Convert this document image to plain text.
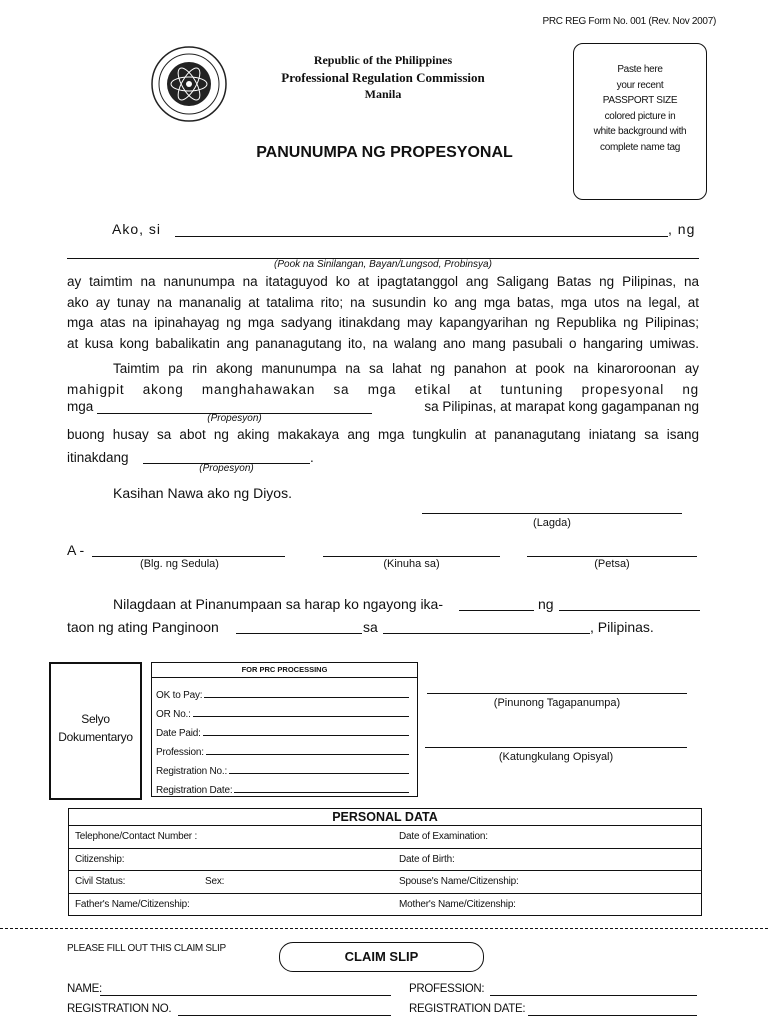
PRC REG Form No. 001 (Rev. Nov 2007)
Republic of the Philippines
Professional Regulation Commission
Manila
PANUNUMPA NG PROPESYONAL
Paste here
your recent
PASSPORT SIZE
colored picture in
white background with
complete name tag
Ako, si	, ng
(Pook na Sinilangan, Bayan/Lungsod, Probinsya)
ay taimtim na nanunumpa na itataguyod ko at ipagtatanggol ang Saligang Batas ng Pilipinas, na
ako ay tunay na mananalig at tatalima rito; na susundin ko ang mga batas, mga utos na legal, at
mga atas na ipinahayag ng mga sadyang itinakdang may kapangyarihan ng Republika ng Pilipinas;
at kusa kong babalikatin ang pananagutang ito, na walang ano mang pasubali o hangaring umiwas.
Taimtim pa rin akong manunumpa na sa lahat ng panahon at pook na kinaroroonan ay
mahigpit akong manghahawakan sa mga etikal at tuntuning propesyonal ng
mga
(Propesyon)
sa Pilipinas, at marapat kong gagampanan ng
buong husay sa abot ng aking makakaya ang mga tungkulin at pananagutang iniatang sa isang
itinakdang
(Propesyon)
.
Kasihan Nawa ako ng Diyos.
(Lagda)
A -
(Blg. ng Sedula)	(Kinuha sa)	(Petsa)
Nilagdaan at Pinanumpaan sa harap ko ngayong ika-	ng
taon ng ating Panginoon	sa	, Pilipinas.
Selyo
Dokumentaryo
FOR PRC PROCESSING
OK to Pay:
OR No.:
Date Paid:
Profession:
Registration No.:
Registration Date:
(Pinunong Tagapanumpa)
(Katungkulang Opisyal)
PERSONAL DATA
Telephone/Contact Number :	Date of Examination:
Citizenship:	Date of Birth:
Civil Status:	Sex:	Spouse's Name/Citizenship:
Father's Name/Citizenship:	Mother's Name/Citizenship:
PLEASE FILL OUT THIS CLAIM SLIP
CLAIM SLIP
NAME:	PROFESSION:
REGISTRATION NO.	REGISTRATION DATE:
